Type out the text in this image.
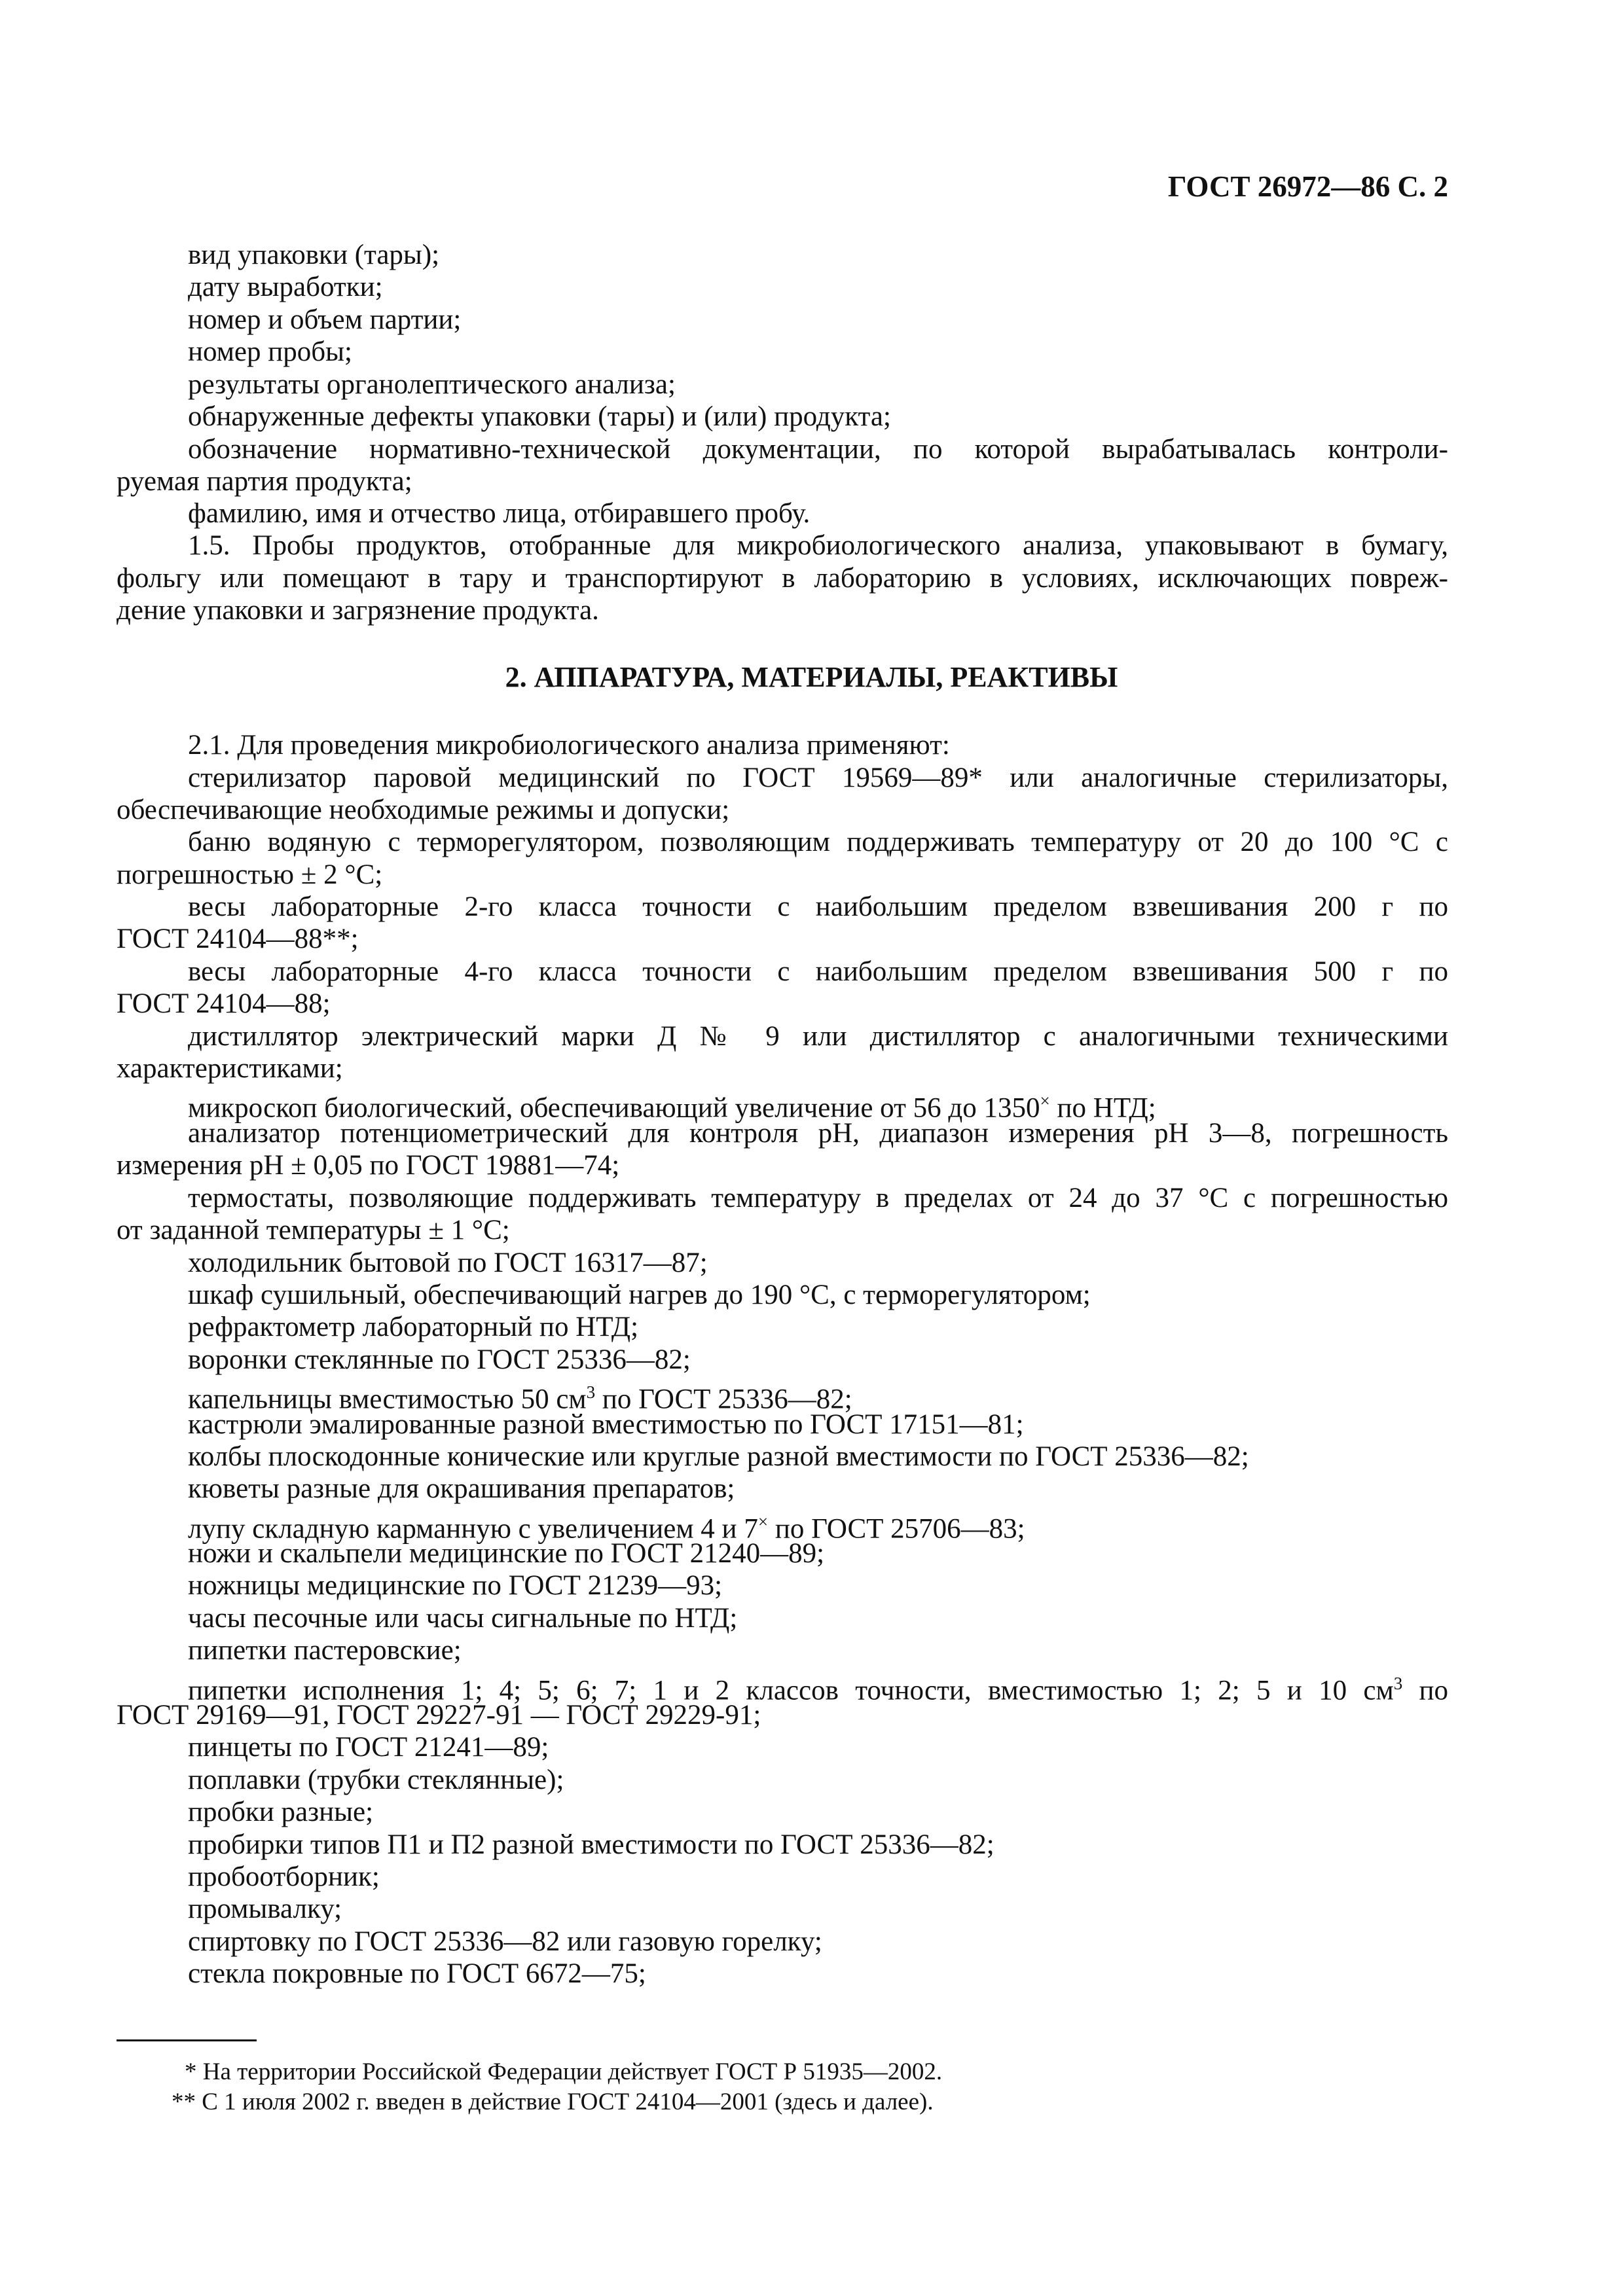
ГОСТ 26972—86 С. 2
вид упаковки (тары);
дату выработки;
номер и объем партии;
номер пробы;
результаты органолептического анализа;
обнаруженные дефекты упаковки (тары) и (или) продукта;
обозначение нормативно-технической документации, по которой вырабатывалась контроли-
руемая партия продукта;
фамилию, имя и отчество лица, отбиравшего пробу.
1.5. Пробы продуктов, отобранные для микробиологического анализа, упаковывают в бумагу,
фольгу или помещают в тару и транспортируют в лабораторию в условиях, исключающих повреж-
дение упаковки и загрязнение продукта.
2. АППАРАТУРА, МАТЕРИАЛЫ, РЕАКТИВЫ
2.1. Для проведения микробиологического анализа применяют:
стерилизатор паровой медицинский по ГОСТ 19569—89* или аналогичные стерилизаторы,
обеспечивающие необходимые режимы и допуски;
баню водяную с терморегулятором, позволяющим поддерживать температуру от 20 до 100 °С с
погрешностью ± 2 °С;
весы лабораторные 2-го класса точности с наибольшим пределом взвешивания 200 г по
ГОСТ 24104—88**;
весы лабораторные 4-го класса точности с наибольшим пределом взвешивания 500 г по
ГОСТ 24104—88;
дистиллятор электрический марки Д № 9 или дистиллятор с аналогичными техническими
характеристиками;
микроскоп биологический, обеспечивающий увеличение от 56 до 1350× по НТД;
анализатор потенциометрический для контроля pH, диапазон измерения pH 3—8, погрешность
измерения pH ± 0,05 по ГОСТ 19881—74;
термостаты, позволяющие поддерживать температуру в пределах от 24 до 37 °С с погрешностью
от заданной температуры ± 1 °С;
холодильник бытовой по ГОСТ 16317—87;
шкаф сушильный, обеспечивающий нагрев до 190 °С, с терморегулятором;
рефрактометр лабораторный по НТД;
воронки стеклянные по ГОСТ 25336—82;
капельницы вместимостью 50 $см^3$ по ГОСТ 25336—82;
кастрюли эмалированные разной вместимостью по ГОСТ 17151—81;
колбы плоскодонные конические или круглые разной вместимости по ГОСТ 25336—82;
кюветы разные для окрашивания препаратов;
лупу складную карманную с увеличением 4 и 7× по ГОСТ 25706—83;
ножи и скальпели медицинские по ГОСТ 21240—89;
ножницы медицинские по ГОСТ 21239—93;
часы песочные или часы сигнальные по НТД;
пипетки пастеровские;
пипетки исполнения 1; 4; 5; 6; 7; 1 и 2 классов точности, вместимостью 1; 2; 5 и 10 $см^3$ по
ГОСТ 29169—91, ГОСТ 29227-91 — ГОСТ 29229-91;
пинцеты по ГОСТ 21241—89;
поплавки (трубки стеклянные);
пробки разные;
пробирки типов П1 и П2 разной вместимости по ГОСТ 25336—82;
пробоотборник;
промывалку;
спиртовку по ГОСТ 25336—82 или газовую горелку;
стекла покровные по ГОСТ 6672—75;
* На территории Российской Федерации действует ГОСТ Р 51935—2002.
** С 1 июля 2002 г. введен в действие ГОСТ 24104—2001 (здесь и далее).
